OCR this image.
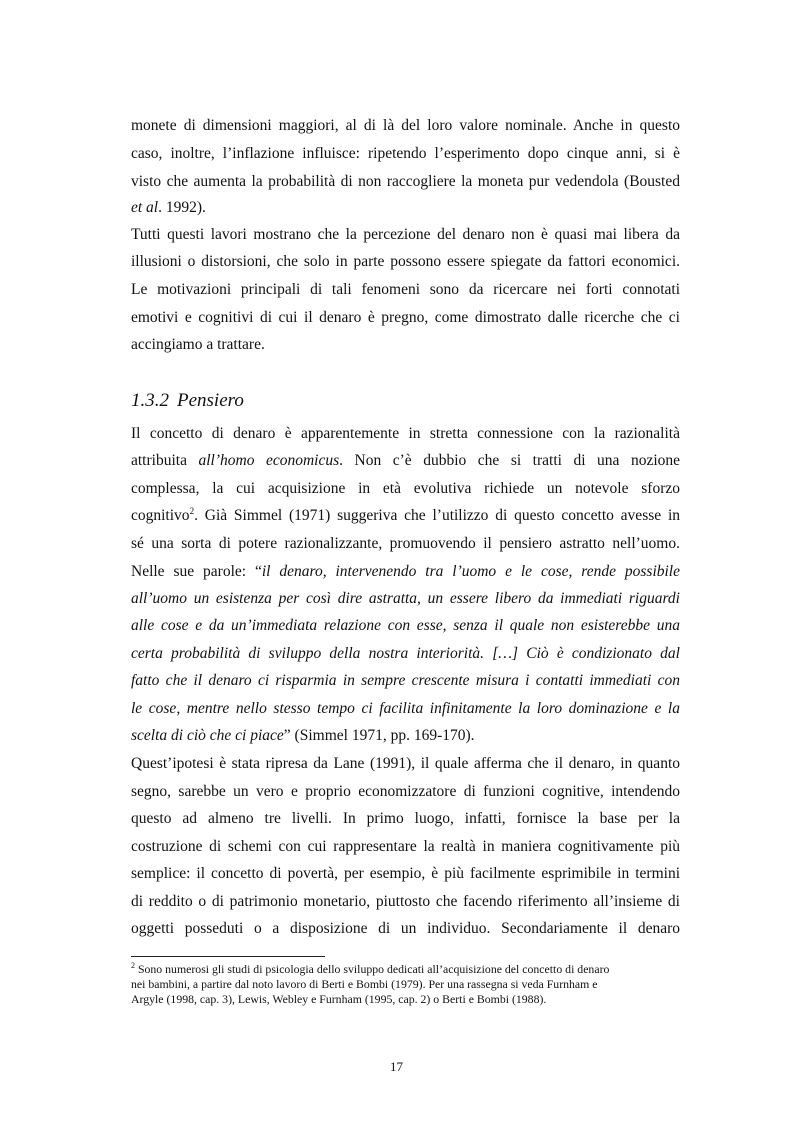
monete di dimensioni maggiori, al di là del loro valore nominale. Anche in questo
caso, inoltre, l’inflazione influisce: ripetendo l’esperimento dopo cinque anni, si è
visto che aumenta la probabilità di non raccogliere la moneta pur vedendola (Bousted
et al. 1992).
Tutti questi lavori mostrano che la percezione del denaro non è quasi mai libera da
illusioni o distorsioni, che solo in parte possono essere spiegate da fattori economici.
Le motivazioni principali di tali fenomeni sono da ricercare nei forti connotati
emotivi e cognitivi di cui il denaro è pregno, come dimostrato dalle ricerche che ci
accingiamo a trattare.
1.3.2 Pensiero
Il concetto di denaro è apparentemente in stretta connessione con la razionalità
attribuita all’homo economicus. Non c’è dubbio che si tratti di una nozione
complessa, la cui acquisizione in età evolutiva richiede un notevole sforzo
cognitivo$^2$. Già Simmel (1971) suggeriva che l’utilizzo di questo concetto avesse in
sé una sorta di potere razionalizzante, promuovendo il pensiero astratto nell’uomo.
Nelle sue parole: “il denaro, intervenendo tra l’uomo e le cose, rende possibile
all’uomo un esistenza per così dire astratta, un essere libero da immediati riguardi
alle cose e da un’immediata relazione con esse, senza il quale non esisterebbe una
certa probabilità di sviluppo della nostra interiorità. […] Ciò è condizionato dal
fatto che il denaro ci risparmia in sempre crescente misura i contatti immediati con
le cose, mentre nello stesso tempo ci facilita infinitamente la loro dominazione e la
scelta di ciò che ci piace” (Simmel 1971, pp. 169-170).
Quest’ipotesi è stata ripresa da Lane (1991), il quale afferma che il denaro, in quanto
segno, sarebbe un vero e proprio economizzatore di funzioni cognitive, intendendo
questo ad almeno tre livelli. In primo luogo, infatti, fornisce la base per la
costruzione di schemi con cui rappresentare la realtà in maniera cognitivamente più
semplice: il concetto di povertà, per esempio, è più facilmente esprimibile in termini
di reddito o di patrimonio monetario, piuttosto che facendo riferimento all’insieme di
oggetti posseduti o a disposizione di un individuo. Secondariamente il denaro
$^2$ Sono numerosi gli studi di psicologia dello sviluppo dedicati all’acquisizione del concetto di denaro
nei bambini, a partire dal noto lavoro di Berti e Bombi (1979). Per una rassegna si veda Furnham e
Argyle (1998, cap. 3), Lewis, Webley e Furnham (1995, cap. 2) o Berti e Bombi (1988).
17
